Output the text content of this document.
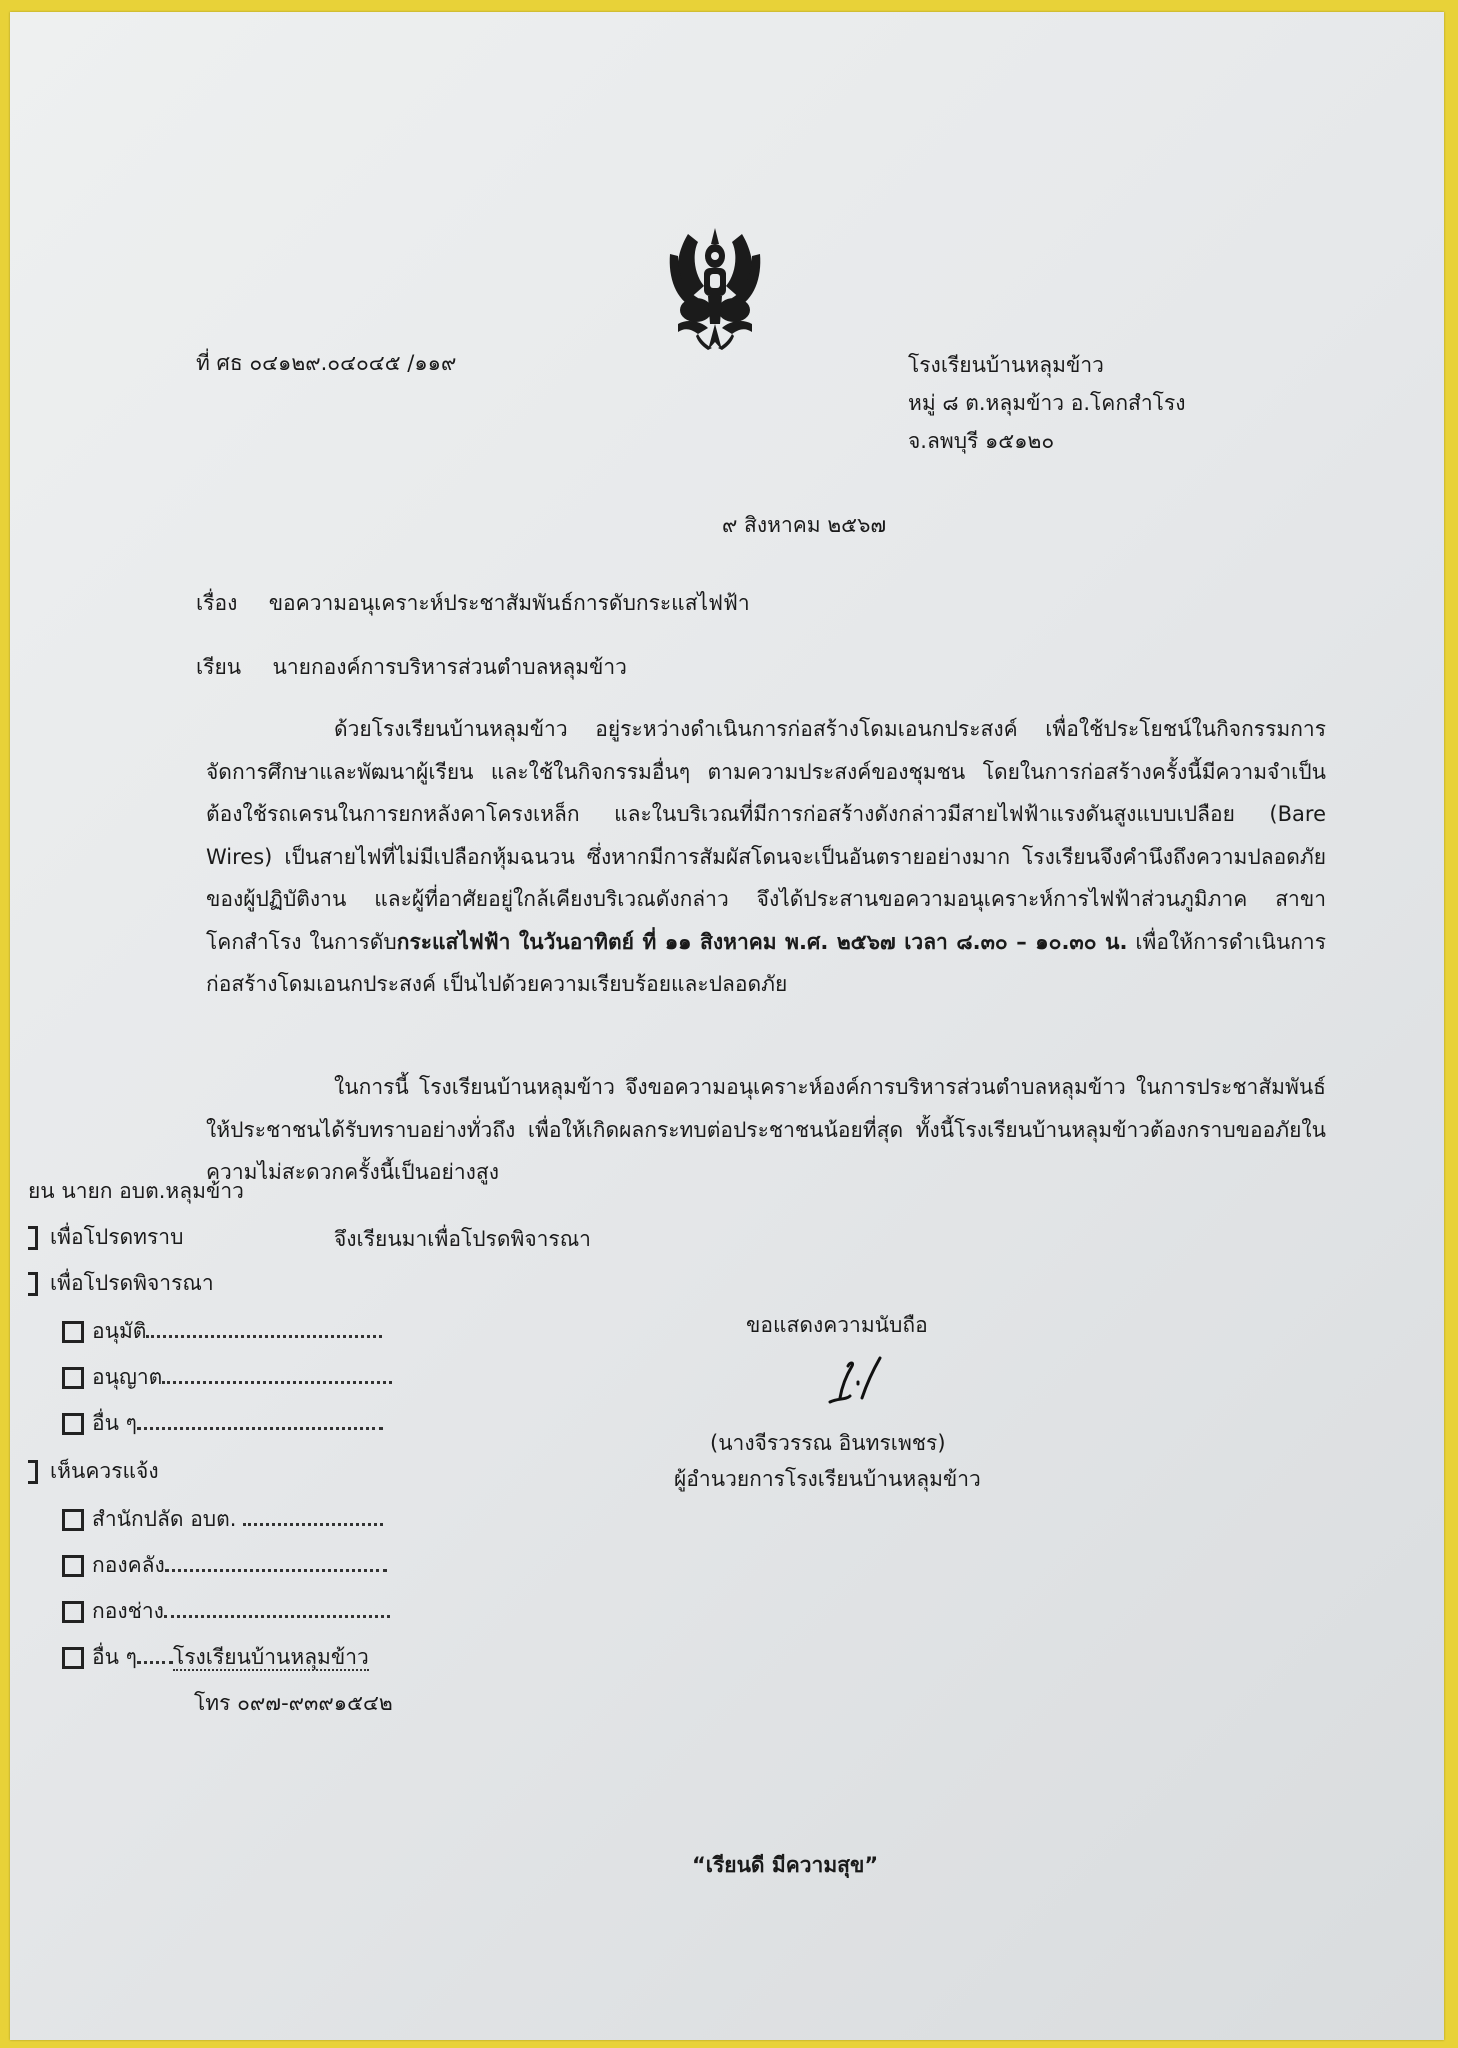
ที่ ศธ ๐๔๑๒๙.๐๔๐๔๕ /๑๑๙	โรงเรียนบ้านหลุมข้าว
หมู่ ๘ ต.หลุมข้าว อ.โคกสำโรง
จ.ลพบุรี ๑๕๑๒๐
๙ สิงหาคม ๒๕๖๗
เรื่อง ขอความอนุเคราะห์ประชาสัมพันธ์การดับกระแสไฟฟ้า
เรียน นายกองค์การบริหารส่วนตำบลหลุมข้าว
ด้วยโรงเรียนบ้านหลุมข้าว อยู่ระหว่างดำเนินการก่อสร้างโดมเอนกประสงค์ เพื่อใช้ประโยชน์ในกิจกรรมการจัดการศึกษาและพัฒนาผู้เรียน และใช้ในกิจกรรมอื่นๆ ตามความประสงค์ของชุมชน โดยในการก่อสร้างครั้งนี้มีความจำเป็นต้องใช้รถเครนในการยกหลังคาโครงเหล็ก และในบริเวณที่มีการก่อสร้างดังกล่าวมีสายไฟฟ้าแรงดันสูงแบบเปลือย (Bare Wires) เป็นสายไฟที่ไม่มีเปลือกหุ้มฉนวน ซึ่งหากมีการสัมผัสโดนจะเป็นอันตรายอย่างมาก โรงเรียนจึงคำนึงถึงความปลอดภัยของผู้ปฏิบัติงาน และผู้ที่อาศัยอยู่ใกล้เคียงบริเวณดังกล่าว จึงได้ประสานขอความอนุเคราะห์การไฟฟ้าส่วนภูมิภาค สาขาโคกสำโรง ในการดับกระแสไฟฟ้า ในวันอาทิตย์ ที่ ๑๑ สิงหาคม พ.ศ. ๒๕๖๗ เวลา ๘.๓๐ – ๑๐.๓๐ น. เพื่อให้การดำเนินการก่อสร้างโดมเอนกประสงค์ เป็นไปด้วยความเรียบร้อยและปลอดภัย
ในการนี้ โรงเรียนบ้านหลุมข้าว จึงขอความอนุเคราะห์องค์การบริหารส่วนตำบลหลุมข้าว ในการประชาสัมพันธ์ให้ประชาชนได้รับทราบอย่างทั่วถึง เพื่อให้เกิดผลกระทบต่อประชาชนน้อยที่สุด ทั้งนี้โรงเรียนบ้านหลุมข้าวต้องกราบขออภัยในความไม่สะดวกครั้งนี้เป็นอย่างสูง
จึงเรียนมาเพื่อโปรดพิจารณา
ขอแสดงความนับถือ
(นางจีรวรรณ อินทรเพชร)
ผู้อำนวยการโรงเรียนบ้านหลุมข้าว
“เรียนดี มีความสุข”
ยน นายก อบต.หลุมข้าว
เพื่อโปรดทราบ
เพื่อโปรดพิจารณา
อนุมัติ
อนุญาต
อื่น ๆ
เห็นควรแจ้ง
สำนักปลัด อบต.
กองคลัง
กองช่าง
อื่น ๆ โรงเรียนบ้านหลุมข้าว
โทร ๐๙๗-๙๓๙๑๕๔๒
